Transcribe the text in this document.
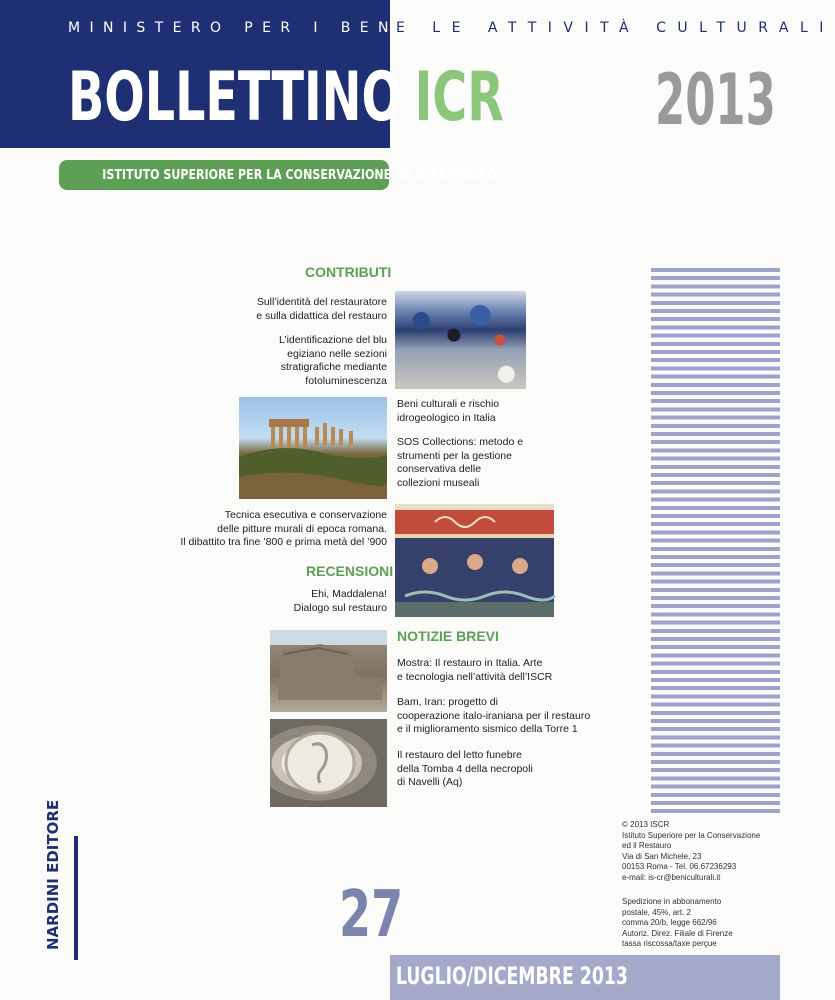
MINISTERO PER I BENI
E LE ATTIVITÀ CULTURALI
BOLLETTINO ICR 2013
ISTITUTO SUPERIORE PER LA CONSERVAZIONE ED IL RESTAURO
CONTRIBUTI
Sull’identità del restauratore
e sulla didattica del restauro
L’identificazione del blu
egiziano nelle sezioni
stratigrafiche mediante
fotoluminescenza
Beni culturali e rischio
idrogeologico in Italia
SOS Collections: metodo e
strumenti per la gestione
conservativa delle
collezioni museali
Tecnica esecutiva e conservazione
delle pitture murali di epoca romana.
Il dibattito tra fine ’800 e prima metà del ’900
RECENSIONI
Ehi, Maddalena!
Dialogo sul restauro
NOTIZIE BREVI
Mostra: Il restauro in Italia. Arte
e tecnologia nell’attività dell’ISCR
Bam, Iran: progetto di
cooperazione italo-iraniana per il restauro
e il miglioramento sismico della Torre 1
Il restauro del letto funebre
della Tomba 4 della necropoli
di Navelli (Aq)
© 2013 ISCR
Istituto Superiore per la Conservazione
ed il Restauro
Via di San Michele, 23
00153 Roma - Tel. 06.67236293
e-mail: is-cr@beniculturali.it
Spedizione in abbonamento
postale, 45%, art. 2
comma 20/b, legge 662/96
Autoriz. Direz. Filiale di Firenze
tassa riscossa/taxe perçue
NARDINI EDITORE	27
LUGLIO/DICEMBRE 2013
